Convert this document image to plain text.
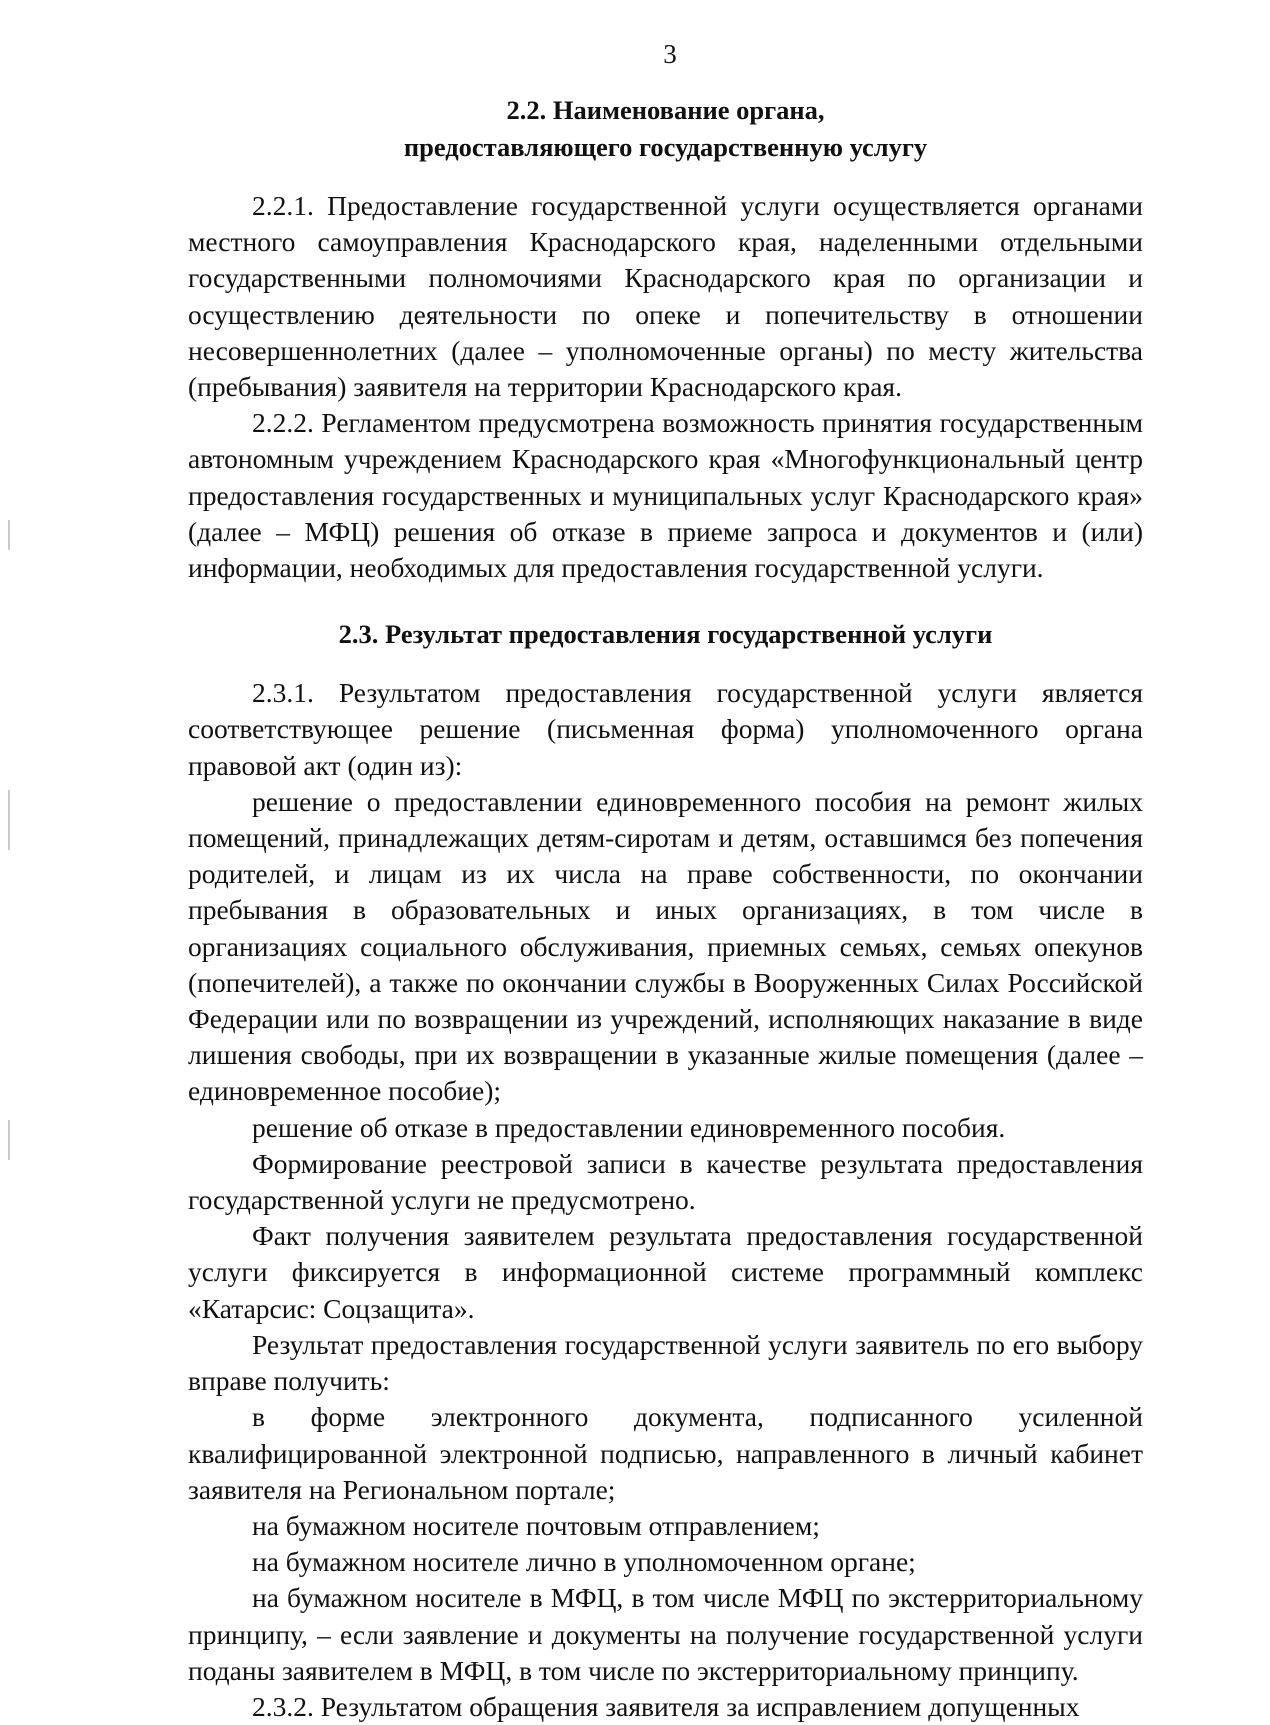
3
2.2. Наименование органа,
предоставляющего государственную услугу

2.2.1. Предоставление государственной услуги осуществляется органами местного самоуправления Краснодарского края, наделенными отдельными государственными полномочиями Краснодарского края по организации и осуществлению деятельности по опеке и попечительству в отношении несовершеннолетних (далее – уполномоченные органы) по месту жительства (пребывания) заявителя на территории Краснодарского края.

2.2.2. Регламентом предусмотрена возможность принятия государственным автономным учреждением Краснодарского края «Многофункциональный центр предоставления государственных и муниципальных услуг Краснодарского края» (далее – МФЦ) решения об отказе в приеме запроса и документов и (или) информации, необходимых для предоставления государственной услуги.

2.3. Результат предоставления государственной услуги

2.3.1. Результатом предоставления государственной услуги является соответствующее решение (письменная форма) уполномоченного органа правовой акт (один из):

решение о предоставлении единовременного пособия на ремонт жилых помещений, принадлежащих детям-сиротам и детям, оставшимся без попечения родителей, и лицам из их числа на праве собственности, по окончании пребывания в образовательных и иных организациях, в том числе в организациях социального обслуживания, приемных семьях, семьях опекунов (попечителей), а также по окончании службы в Вооруженных Силах Российской Федерации или по возвращении из учреждений, исполняющих наказание в виде лишения свободы, при их возвращении в указанные жилые помещения (далее – единовременное пособие);

решение об отказе в предоставлении единовременного пособия.

Формирование реестровой записи в качестве результата предоставления государственной услуги не предусмотрено.

Факт получения заявителем результата предоставления государственной услуги фиксируется в информационной системе программный комплекс «Катарсис: Соцзащита».

Результат предоставления государственной услуги заявитель по его выбору вправе получить:

в форме электронного документа, подписанного усиленной квалифицированной электронной подписью, направленного в личный кабинет заявителя на Региональном портале;

на бумажном носителе почтовым отправлением;

на бумажном носителе лично в уполномоченном органе;

на бумажном носителе в МФЦ, в том числе МФЦ по экстерриториальному принципу, – если заявление и документы на получение государственной услуги поданы заявителем в МФЦ, в том числе по экстерриториальному принципу.

2.3.2. Результатом обращения заявителя за исправлением допущенных
